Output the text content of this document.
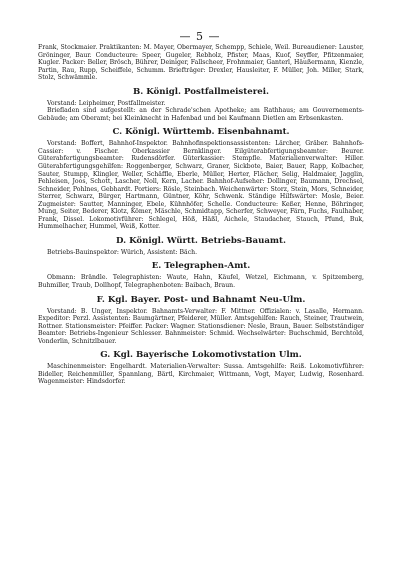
— 5 —
Frank, Stockmaier. Praktikanten: M. Mayer, Obermayer, Schempp, Schiele, Weil. Bureaudiener: Lauster, Gröninger, Baur. Conducteure: Speer, Gugeler, Rebholz, Pfister, Maas, Kuof, Seyffer, Pfitzenmaier, Kugler. Packer: Beller, Brösch, Bührer, Deiniger, Fallscheer, Frohnmaier, Ganterl, Häußermann, Kienzle, Partin, Rau, Rupp, Scheiffele, Schumm. Briefträger: Drexler, Hausleiter, F. Müller, Joh. Miller, Stark, Stolz, Schwämmle.
B. Königl. Postfallmeisterei.
Vorstand: Leipheimer, Postfallmeister.
Briefladen sind aufgestellt: an der Schrade'schen Apotheke; am Rathhaus; am Gouvernements-Gebäude; am Oberamt; bei Kleinknecht in Hafenbad und bei Kaufmann Dietlen am Erbsenkasten.
C. Königl. Württemb. Eisenbahnamt.
Vorstand: Boffert, Bahnhof-Inspektor. Bahnhofinspektionsassistenten: Lärcher, Gräber. Bahnhofs-Cassier: v. Fischer. Oberkassier Bernklinger. Eilgüterabfertigungsbeamter: Beurer. Güterabfertigungsbeamter: Rudensdörfer. Güterkassier: Stempfle. Materialienverwalter: Hiller. Güterabfertigungsgehilfen: Roggenberger, Schwarz, Graner, Sickbote, Baier, Bauer, Rapp, Kolbacher, Sauter, Stumpp, Klingler, Weller, Schäffle, Eberle, Müller, Herter, Flächer, Selig, Haldmaier, Jagglin, Fehleisen, Joos, Schott, Lascher, Noll, Kern, Lacher. Bahnhof-Aufseher: Dollinger, Baumann, Drechsel, Schneider, Pohlnes, Gebhardt. Portiers: Rösle, Steinbach. Weichenwärter: Storz, Stein, Mors, Schneider, Sterrer, Schwarz, Bürger, Hartmann, Güntner, Köhr, Schwenk. Ständige Hilfswärter: Mosle, Beier. Zugmeister: Sautter, Manninger, Ebele, Kühnhöfer, Schelle. Conducteure: Keßer, Henne, Böhringer, Mung, Seiter, Bederer, Klotz, Kömer, Mäschle, Schmidtapp, Scherfer, Schweyer, Färn, Fuchs, Faulhaber, Frank, Dissel. Lokomotivführer: Schlegel, Höß, Häßl, Aichele, Staudacher, Stauch, Pfund, Buk, Hummelhacher, Hummel, Weiß, Kotter.
D. Königl. Württ. Betriebs-Bauamt.
Betriebs-Bauinspektor: Würich, Assistent: Bäch.
E. Telegraphen-Amt.
Obmann: Brändle. Telegraphisten: Waute, Hahn, Käufel, Wetzel, Eichmann, v. Spitzemberg, Buhmiller, Traub, Dollhopf, Telegraphenboten: Baibach, Braun.
F. Kgl. Bayer. Post- und Bahnamt Neu-Ulm.
Vorstand: B. Unger, Inspektor. Bahnamts-Verwalter: F. Mittner. Offizialen: v. Lasalle, Hermann. Expeditor: Perzl. Assistenten: Baumgärtner, Pfeiderer, Müller. Amtsgehilfen: Rauch, Steiner, Trautwein, Rottner. Stationsmeister: Pfeiffer. Packer: Wagner. Stationsdiener: Nesle, Braun, Bauer. Selbstständiger Beamter: Betriebs-Ingenieur Schlesser. Bahnmeister: Schmid. Wechselwärter: Buchschmid, Berchtold, Vonderlin, Schnitzlbauer.
G. Kgl. Bayerische Lokomotivstation Ulm.
Maschinenmeister: Engelhardt. Materialien-Verwalter: Sussa. Amtsgehilfe: Reiß. Lokomotivführer: Bideller, Reichenmüller, Spannlang, Bärtl, Kirchmaier, Wittmann, Vogt, Mayer, Ludwig, Rosenhard. Wagenmeister: Hindsdorfer.
